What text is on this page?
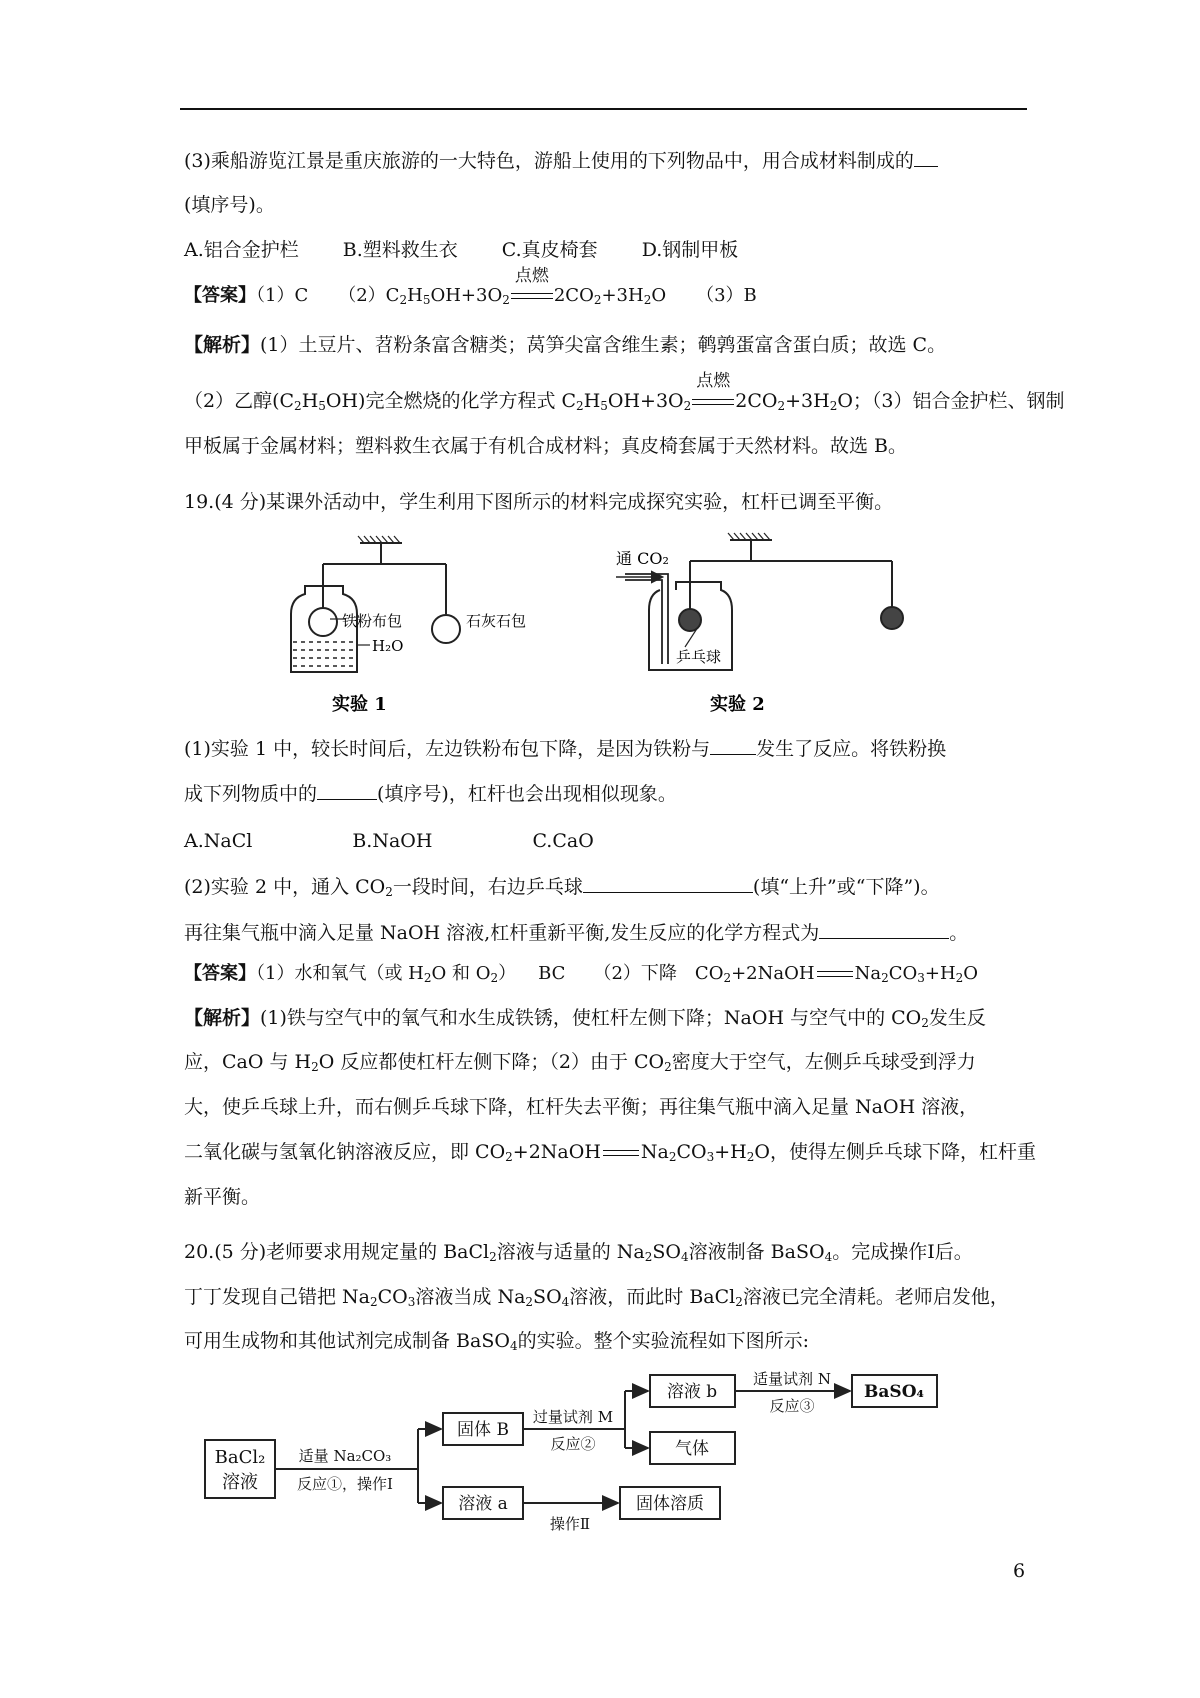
(3)乘船游览江景是重庆旅游的一大特色，游船上使用的下列物品中，用合成材料制成的
(填序号)。
A.铝合金护栏 B.塑料救生衣 C.真皮椅套 D.钢制甲板
【答案】（1）C $(2)C_2H_5OH+3O_2$
点燃
$2CO_2+3H_2O$ （3）B
【解析】(1）土豆片、苕粉条富含糖类；莴笋尖富含维生素；鹌鹑蛋富含蛋白质；故选 C。
（2）乙醇$(C_2H_5OH)$完全燃烧的化学方程式 $C_2H_5OH+3O_2$
点燃
$2CO_2+3H_2O$；（3）铝合金护栏、钢制
甲板属于金属材料；塑料救生衣属于有机合成材料；真皮椅套属于天然材料。故选 B。
19.(4 分)某课外活动中，学生利用下图所示的材料完成探究实验，杠杆已调至平衡。
铁粉布包	石灰石包
H₂O
实验 1
通 CO₂
乒乓球
实验 2
(1)实验 1 中，较长时间后，左边铁粉布包下降，是因为铁粉与 发生了反应。将铁粉换
成下列物质中的	(填序号)，杠杆也会出现相似现象。
A.NaCl	B.NaOH	C.CaO
(2)实验 2 中，通入 $CO_2$一段时间，右边乒乓球	(填“上升”或“下降”)。
再往集气瓶中滴入足量 NaOH 溶液,杠杆重新平衡,发生反应的化学方程式为	。
【答案】（1）水和氧气（或 $H_2O$ 和 $O_2$） BC （2）下降 $CO_2+2NaOH$ $Na_2CO_3+H_2O$
【解析】(1)铁与空气中的氧气和水生成铁锈，使杠杆左侧下降；NaOH 与空气中的 $CO_2$发生反
应，CaO 与 $H_2O$ 反应都使杠杆左侧下降；（2）由于 $CO_2$密度大于空气，左侧乒乓球受到浮力
大，使乒乓球上升，而右侧乒乓球下降，杠杆失去平衡；再往集气瓶中滴入足量 NaOH 溶液，
二氧化碳与氢氧化钠溶液反应，即 $CO_2+2NaOH$ $Na_2CO_3+H_2O$，使得左侧乒乓球下降，杠杆重
新平衡。
20.(5 分)老师要求用规定量的 BaCl$_2$溶液与适量的 $Na_2SO_4$溶液制备 BaSO$_4$。完成操作Ⅰ后。
丁丁发现自己错把 $Na_2CO_3$溶液当成 $Na_2SO_4$溶液，而此时 BaCl$_2$溶液已完全清耗。老师启发他，
可用生成物和其他试剂完成制备 BaSO$_4$的实验。整个实验流程如下图所示:
BaCl₂
溶液
适量 Na₂CO₃
反应①，操作Ⅰ
固体 B
过量试剂 M
反应②
溶液 b
适量试剂 N
反应③
BaSO₄
气体
溶液 a
操作Ⅱ
固体溶质
6
